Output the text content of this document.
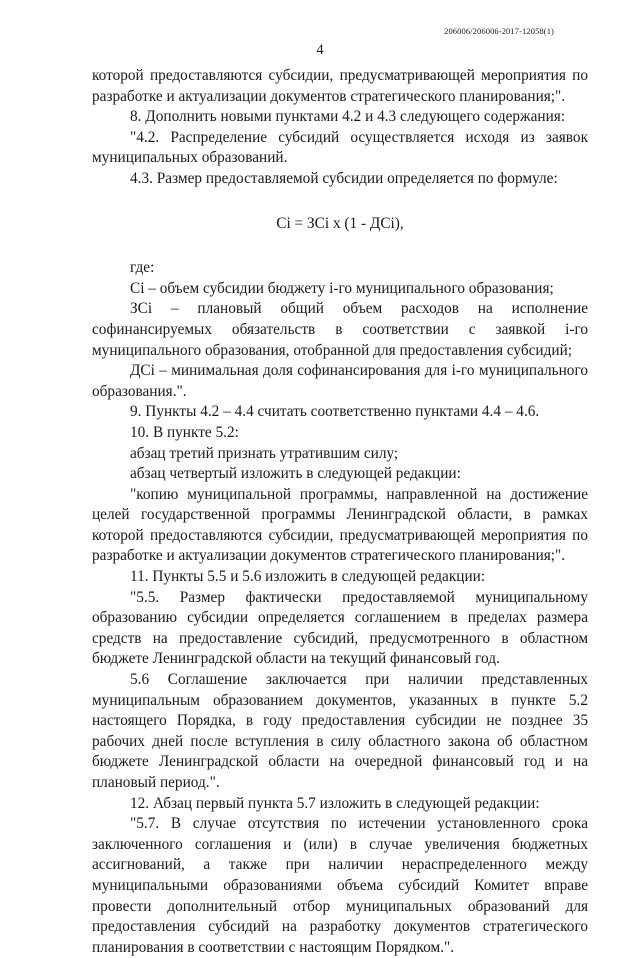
206006/206006-2017-12058(1)
4

которой предоставляются субсидии, предусматривающей мероприятия по разработке и актуализации документов стратегического планирования;".

8. Дополнить новыми пунктами 4.2 и 4.3 следующего содержания:

"4.2. Распределение субсидий осуществляется исходя из заявок муниципальных образований.

4.3. Размер предоставляемой субсидии определяется по формуле:

Ci = ЗCi x (1 - ДCi),

где:

Ci – объем субсидии бюджету i-го муниципального образования;

ЗCi – плановый общий объем расходов на исполнение софинансируемых обязательств в соответствии с заявкой i-го муниципального образования, отобранной для предоставления субсидий;

ДCi – минимальная доля софинансирования для i-го муниципального образования.".

9. Пункты 4.2 – 4.4 считать соответственно пунктами 4.4 – 4.6.

10. В пункте 5.2:

абзац третий признать утратившим силу;

абзац четвертый изложить в следующей редакции:

"копию муниципальной программы, направленной на достижение целей государственной программы Ленинградской области, в рамках которой предоставляются субсидии, предусматривающей мероприятия по разработке и актуализации документов стратегического планирования;".

11. Пункты 5.5 и 5.6 изложить в следующей редакции:

"5.5. Размер фактически предоставляемой муниципальному образованию субсидии определяется соглашением в пределах размера средств на предоставление субсидий, предусмотренного в областном бюджете Ленинградской области на текущий финансовый год.

5.6 Соглашение заключается при наличии представленных муниципальным образованием документов, указанных в пункте 5.2 настоящего Порядка, в году предоставления субсидии не позднее 35 рабочих дней после вступления в силу областного закона об областном бюджете Ленинградской области на очередной финансовый год и на плановый период.".

12. Абзац первый пункта 5.7 изложить в следующей редакции:

"5.7. В случае отсутствия по истечении установленного срока заключенного соглашения и (или) в случае увеличения бюджетных ассигнований, а также при наличии нераспределенного между муниципальными образованиями объема субсидий Комитет вправе провести дополнительный отбор муниципальных образований для предоставления субсидий на разработку документов стратегического планирования в соответствии с настоящим Порядком.".
